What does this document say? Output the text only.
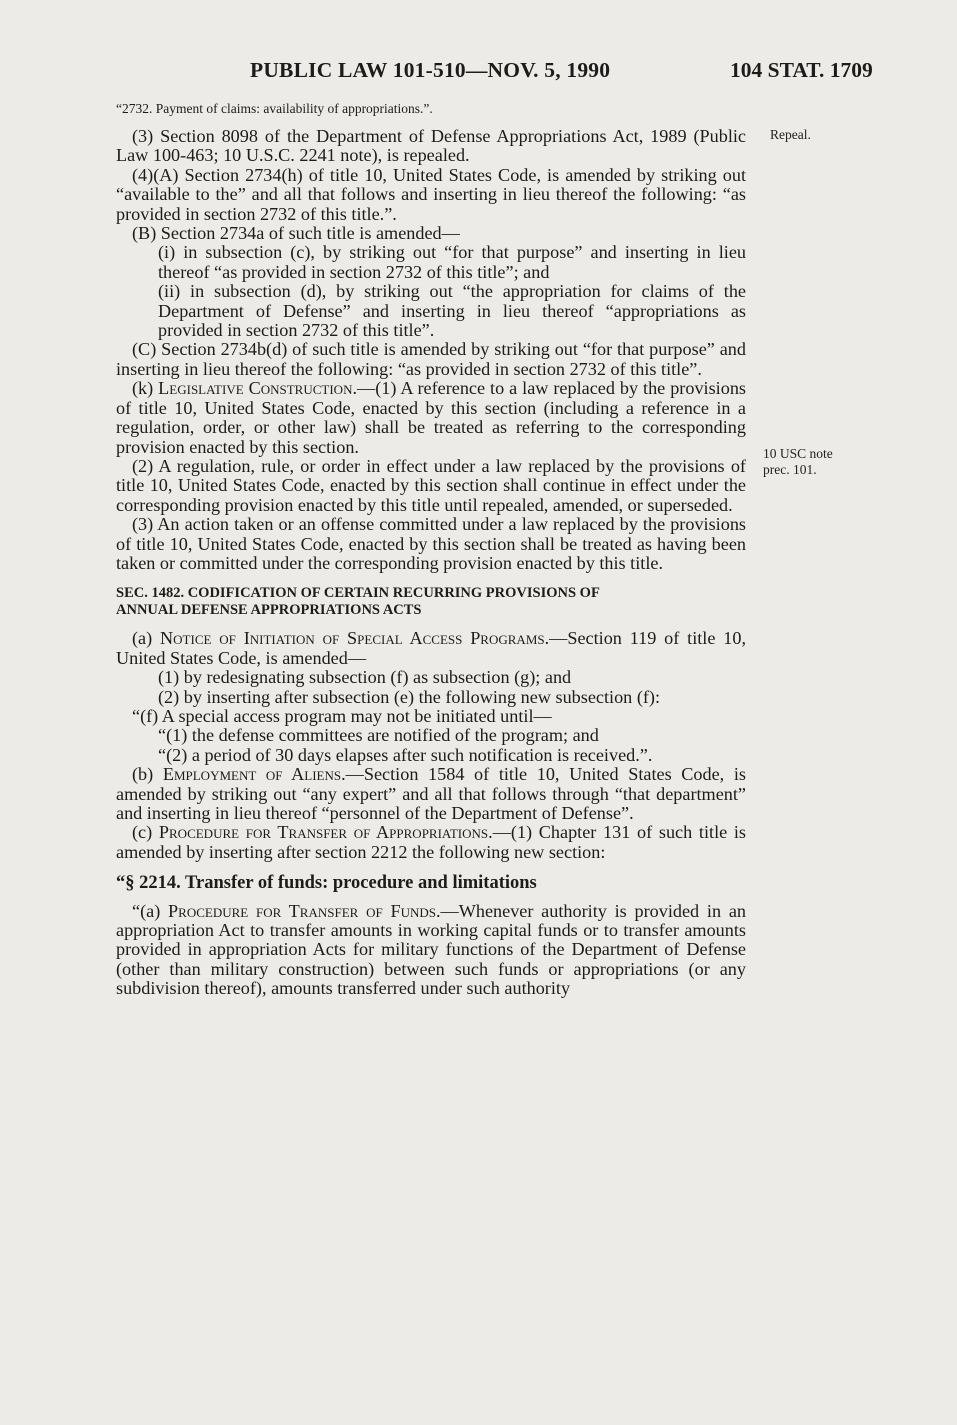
PUBLIC LAW 101-510—NOV. 5, 1990	104 STAT. 1709
Repeal.
10 USC note
prec. 101.

“2732. Payment of claims: availability of appropriations.”.

(3) Section 8098 of the Department of Defense Appropriations Act, 1989 (Public Law 100-463; 10 U.S.C. 2241 note), is repealed.

(4)(A) Section 2734(h) of title 10, United States Code, is amended by striking out “available to the” and all that follows and inserting in lieu thereof the following: “as provided in section 2732 of this title.”.

(B) Section 2734a of such title is amended—

(i) in subsection (c), by striking out “for that purpose” and inserting in lieu thereof “as provided in section 2732 of this title”; and

(ii) in subsection (d), by striking out “the appropriation for claims of the Department of Defense” and inserting in lieu thereof “appropriations as provided in section 2732 of this title”.

(C) Section 2734b(d) of such title is amended by striking out “for that purpose” and inserting in lieu thereof the following: “as provided in section 2732 of this title”.

(k) Legislative Construction.—(1) A reference to a law replaced by the provisions of title 10, United States Code, enacted by this section (including a reference in a regulation, order, or other law) shall be treated as referring to the corresponding provision enacted by this section.

(2) A regulation, rule, or order in effect under a law replaced by the provisions of title 10, United States Code, enacted by this section shall continue in effect under the corresponding provision enacted by this title until repealed, amended, or superseded.

(3) An action taken or an offense committed under a law replaced by the provisions of title 10, United States Code, enacted by this section shall be treated as having been taken or committed under the corresponding provision enacted by this title.

SEC. 1482. CODIFICATION OF CERTAIN RECURRING PROVISIONS OF
ANNUAL DEFENSE APPROPRIATIONS ACTS

(a) Notice of Initiation of Special Access Programs.—Section 119 of title 10, United States Code, is amended—

(1) by redesignating subsection (f) as subsection (g); and

(2) by inserting after subsection (e) the following new subsection (f):

“(f) A special access program may not be initiated until—

“(1) the defense committees are notified of the program; and

“(2) a period of 30 days elapses after such notification is received.”.

(b) Employment of Aliens.—Section 1584 of title 10, United States Code, is amended by striking out “any expert” and all that follows through “that department” and inserting in lieu thereof “personnel of the Department of Defense”.

(c) Procedure for Transfer of Appropriations.—(1) Chapter 131 of such title is amended by inserting after section 2212 the following new section:

“§ 2214. Transfer of funds: procedure and limitations

“(a) Procedure for Transfer of Funds.—Whenever authority is provided in an appropriation Act to transfer amounts in working capital funds or to transfer amounts provided in appropriation Acts for military functions of the Department of Defense (other than military construction) between such funds or appropriations (or any subdivision thereof), amounts transferred under such authority
